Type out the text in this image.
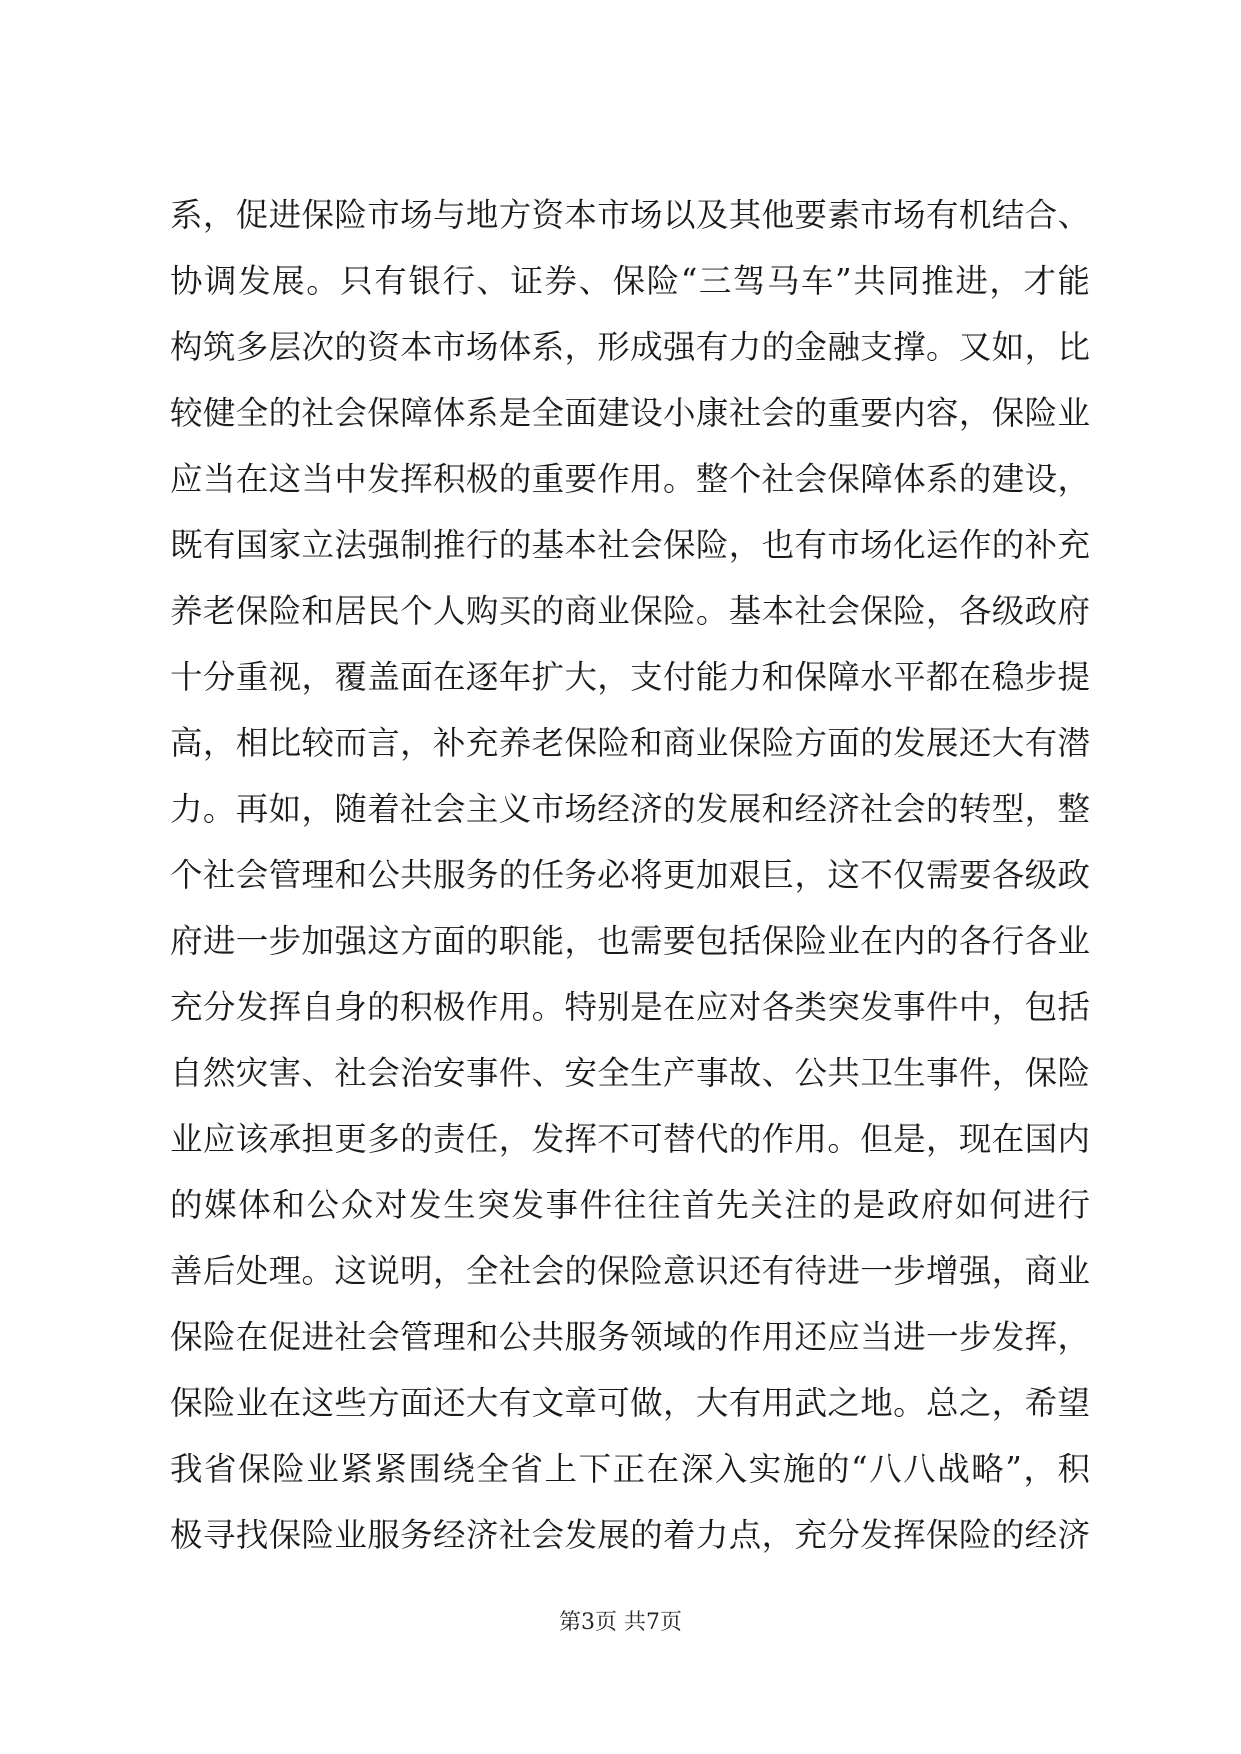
系，促进保险市场与地方资本市场以及其他要素市场有机结合、
协调发展。只有银行、证券、保险“三驾马车”共同推进，才能
构筑多层次的资本市场体系，形成强有力的金融支撑。又如，比
较健全的社会保障体系是全面建设小康社会的重要内容，保险业
应当在这当中发挥积极的重要作用。整个社会保障体系的建设，
既有国家立法强制推行的基本社会保险，也有市场化运作的补充
养老保险和居民个人购买的商业保险。基本社会保险，各级政府
十分重视，覆盖面在逐年扩大，支付能力和保障水平都在稳步提
高，相比较而言，补充养老保险和商业保险方面的发展还大有潜
力。再如，随着社会主义市场经济的发展和经济社会的转型，整
个社会管理和公共服务的任务必将更加艰巨，这不仅需要各级政
府进一步加强这方面的职能，也需要包括保险业在内的各行各业
充分发挥自身的积极作用。特别是在应对各类突发事件中，包括
自然灾害、社会治安事件、安全生产事故、公共卫生事件，保险
业应该承担更多的责任，发挥不可替代的作用。但是，现在国内
的媒体和公众对发生突发事件往往首先关注的是政府如何进行
善后处理。这说明，全社会的保险意识还有待进一步增强，商业
保险在促进社会管理和公共服务领域的作用还应当进一步发挥，
保险业在这些方面还大有文章可做，大有用武之地。总之，希望
我省保险业紧紧围绕全省上下正在深入实施的“八八战略”，积
极寻找保险业服务经济社会发展的着力点，充分发挥保险的经济
第3页 共7页
